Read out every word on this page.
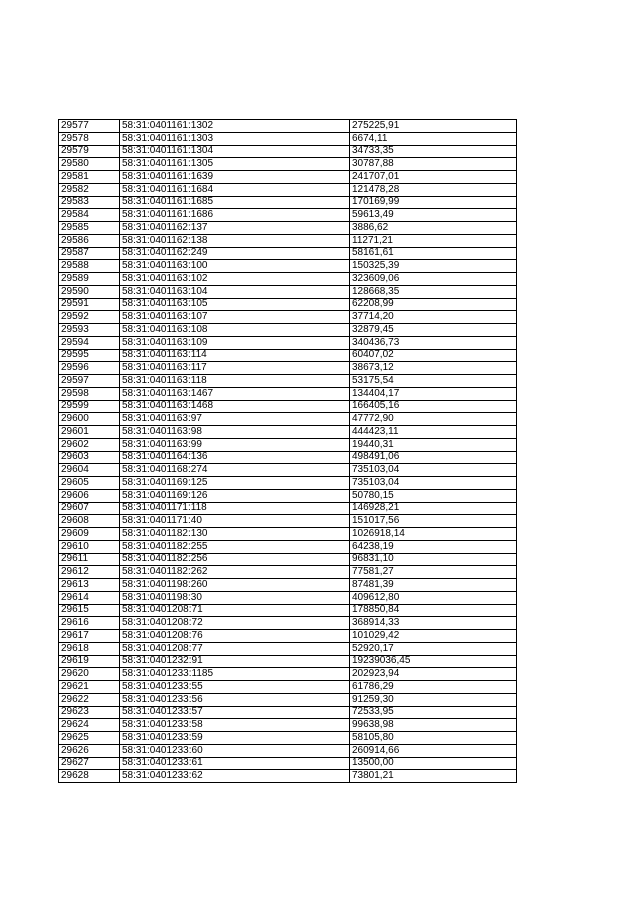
29577	58:31:0401161:1302	275225,91
29578	58:31:0401161:1303	6674,11
29579	58:31:0401161:1304	34733,35
29580	58:31:0401161:1305	30787,88
29581	58:31:0401161:1639	241707,01
29582	58:31:0401161:1684	121478,28
29583	58:31:0401161:1685	170169,99
29584	58:31:0401161:1686	59613,49
29585	58:31:0401162:137	3886,62
29586	58:31:0401162:138	11271,21
29587	58:31:0401162:249	58161,61
29588	58:31:0401163:100	150325,39
29589	58:31:0401163:102	323609,06
29590	58:31:0401163:104	128668,35
29591	58:31:0401163:105	62208,99
29592	58:31:0401163:107	37714,20
29593	58:31:0401163:108	32879,45
29594	58:31:0401163:109	340436,73
29595	58:31:0401163:114	60407,02
29596	58:31:0401163:117	38673,12
29597	58:31:0401163:118	53175,54
29598	58:31:0401163:1467	134404,17
29599	58:31:0401163:1468	166405,16
29600	58:31:0401163:97	47772,90
29601	58:31:0401163:98	444423,11
29602	58:31:0401163:99	19440,31
29603	58:31:0401164:136	498491,06
29604	58:31:0401168:274	735103,04
29605	58:31:0401169:125	735103,04
29606	58:31:0401169:126	50780,15
29607	58:31:0401171:118	146928,21
29608	58:31:0401171:40	151017,56
29609	58:31:0401182:130	1026918,14
29610	58:31:0401182:255	64238,19
29611	58:31:0401182:256	96831,10
29612	58:31:0401182:262	77581,27
29613	58:31:0401198:260	87481,39
29614	58:31:0401198:30	409612,80
29615	58:31:0401208:71	178850,84
29616	58:31:0401208:72	368914,33
29617	58:31:0401208:76	101029,42
29618	58:31:0401208:77	52920,17
29619	58:31:0401232:91	19239036,45
29620	58:31:0401233:1185	202923,94
29621	58:31:0401233:55	61786,29
29622	58:31:0401233:56	91259,30
29623	58:31:0401233:57	72533,95
29624	58:31:0401233:58	99638,98
29625	58:31:0401233:59	58105,80
29626	58:31:0401233:60	260914,66
29627	58:31:0401233:61	13500,00
29628	58:31:0401233:62	73801,21
